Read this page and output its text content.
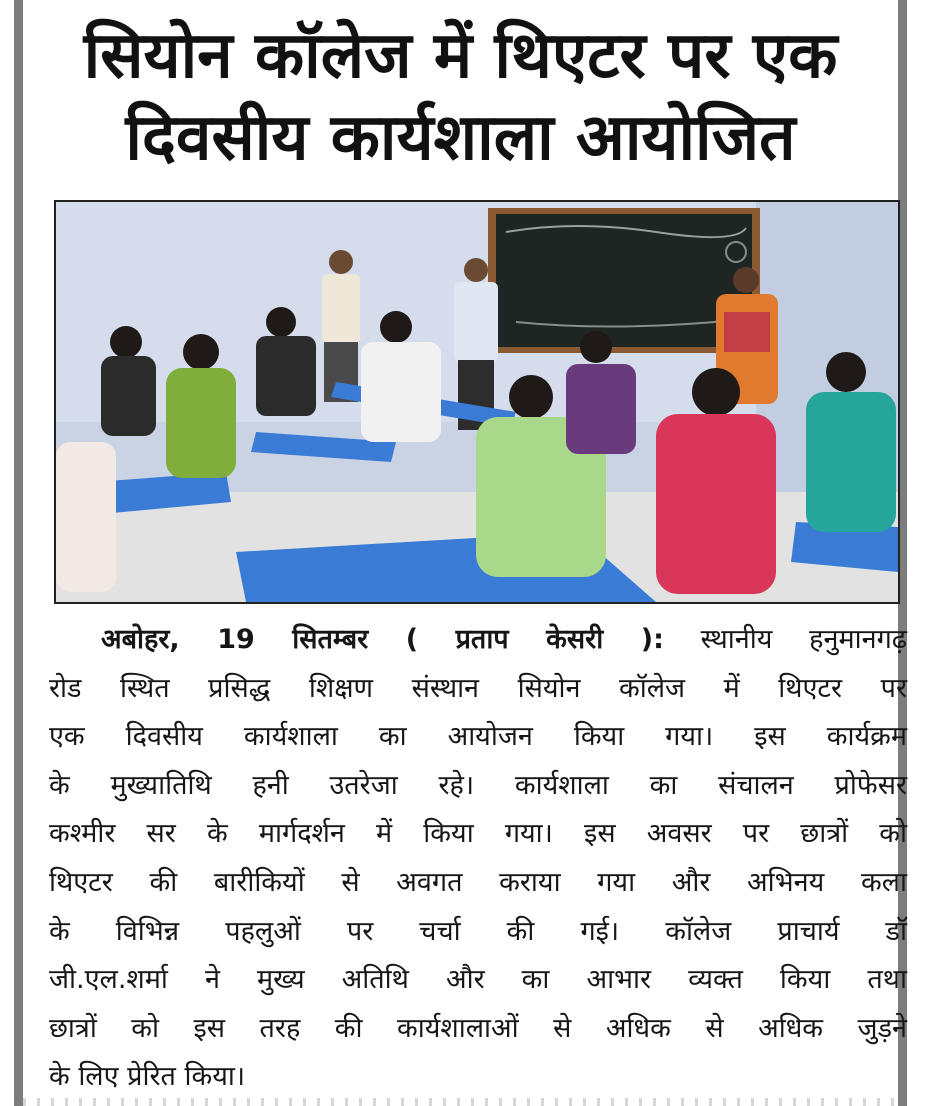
सियोन कॉलेज में थिएटर पर एक
दिवसीय कार्यशाला आयोजित
अबोहर, 19 सितम्बर ( प्रताप केसरी ): स्थानीय हनुमानगढ़
रोड स्थित प्रसिद्ध शिक्षण संस्थान सियोन कॉलेज में थिएटर पर
एक दिवसीय कार्यशाला का आयोजन किया गया। इस कार्यक्रम
के मुख्यातिथि हनी उतरेजा रहे। कार्यशाला का संचालन प्रोफेसर
कश्मीर सर के मार्गदर्शन में किया गया। इस अवसर पर छात्रों को
थिएटर की बारीकियों से अवगत कराया गया और अभिनय कला
के विभिन्न पहलुओं पर चर्चा की गई। कॉलेज प्राचार्य डॉ
जी.एल.शर्मा ने मुख्य अतिथि और का आभार व्यक्त किया तथा
छात्रों को इस तरह की कार्यशालाओं से अधिक से अधिक जुड़ने
के लिए प्रेरित किया।
